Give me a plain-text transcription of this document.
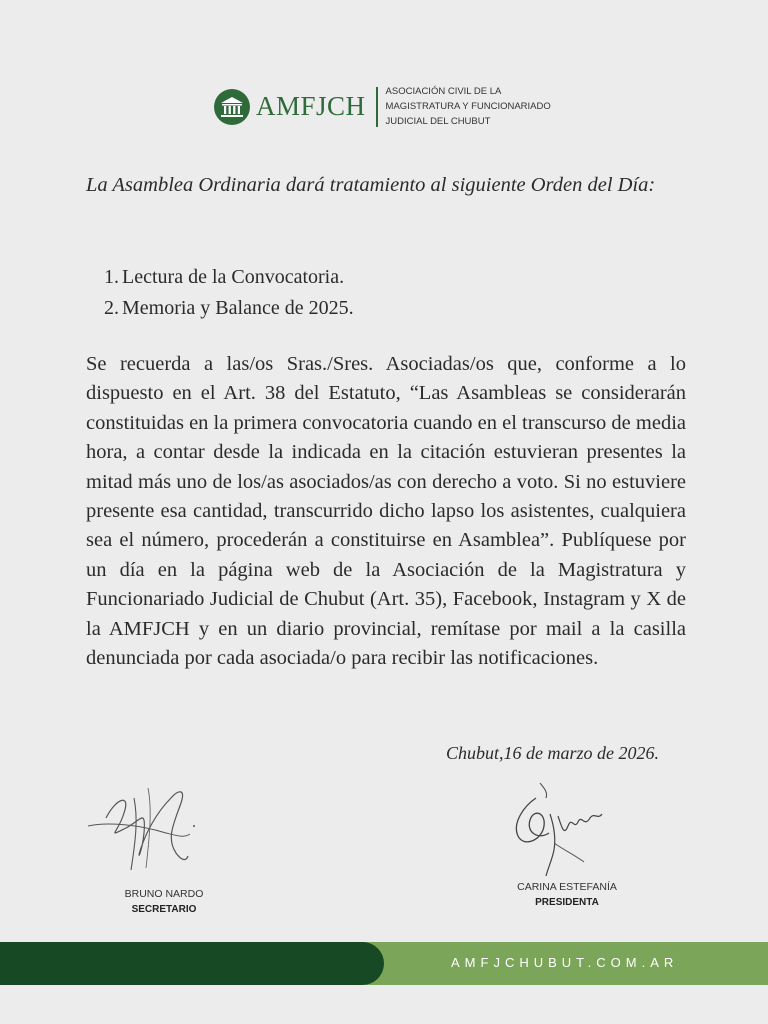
AMFJCH ASOCIACIÓN CIVIL DE LA
MAGISTRATURA Y FUNCIONARIADO
JUDICIAL DEL CHUBUT
La Asamblea Ordinaria dará tratamiento al siguiente Orden del Día:
1. Lectura de la Convocatoria.
2. Memoria y Balance de 2025.
Se recuerda a las/os Sras./Sres. Asociadas/os que, conforme a lo dispuesto en el Art. 38 del Estatuto, “Las Asambleas se considerarán constituidas en la primera convocatoria cuando en el transcurso de media hora, a contar desde la indicada en la citación estuvieran presentes la mitad más uno de los/as asociados/as con derecho a voto. Si no estuviere presente esa cantidad, transcurrido dicho lapso los asistentes, cualquiera sea el número, procederán a constituirse en Asamblea”. Publíquese por un día en la página web de la Asociación de la Magistratura y Funcionariado Judicial de Chubut (Art. 35), Facebook, Instagram y X de la AMFJCH y en un diario provincial, remítase por mail a la casilla denunciada por cada asociada/o para recibir las notificaciones.
Chubut,16 de marzo de 2026.
BRUNO NARDO
SECRETARIO
CARINA ESTEFANÍA
PRESIDENTA
AMFJCHUBUT.COM.AR
